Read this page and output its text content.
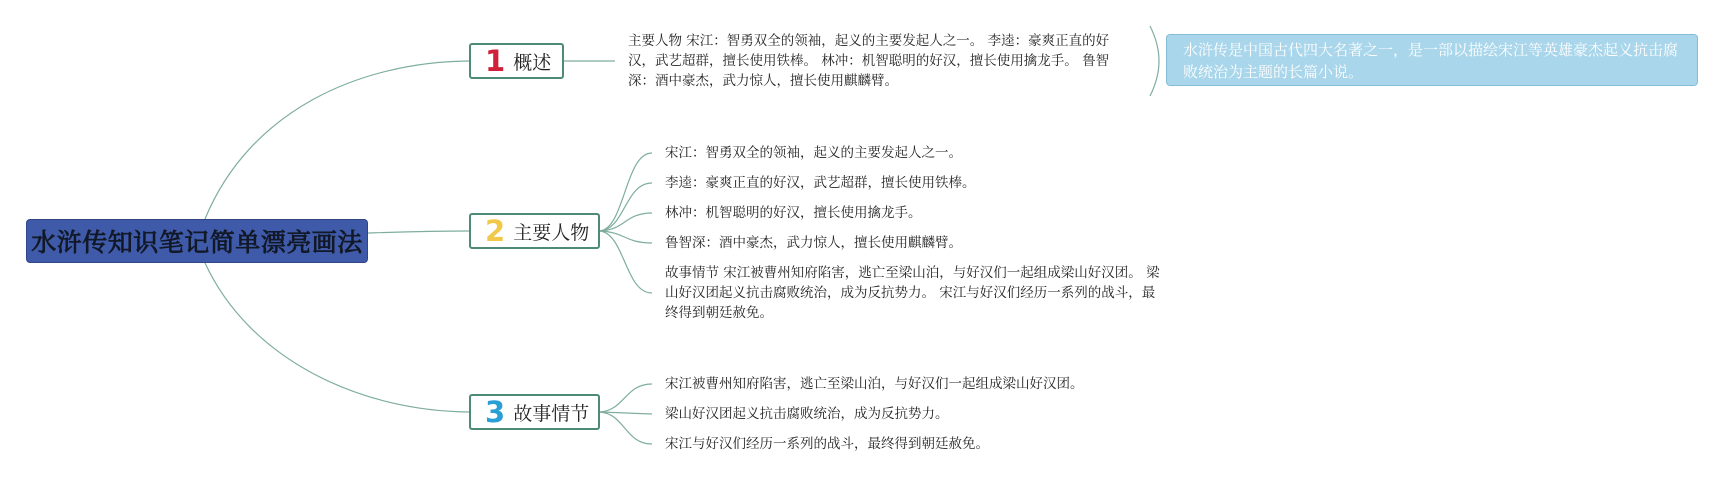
水浒传知识笔记简单漂亮画法
1 概述
主要人物 宋江：智勇双全的领袖，起义的主要发起人之一。 李逵：豪爽正直的好汉，武艺超群，擅长使用铁棒。 林冲：机智聪明的好汉，擅长使用擒龙手。 鲁智深：酒中豪杰，武力惊人，擅长使用麒麟臂。
水浒传是中国古代四大名著之一，是一部以描绘宋江等英雄豪杰起义抗击腐败统治为主题的长篇小说。
2 主要人物
宋江：智勇双全的领袖，起义的主要发起人之一。
李逵：豪爽正直的好汉，武艺超群，擅长使用铁棒。
林冲：机智聪明的好汉，擅长使用擒龙手。
鲁智深：酒中豪杰，武力惊人，擅长使用麒麟臂。
故事情节 宋江被曹州知府陷害，逃亡至梁山泊，与好汉们一起组成梁山好汉团。 梁山好汉团起义抗击腐败统治，成为反抗势力。 宋江与好汉们经历一系列的战斗，最终得到朝廷赦免。
3 故事情节
宋江被曹州知府陷害，逃亡至梁山泊，与好汉们一起组成梁山好汉团。
梁山好汉团起义抗击腐败统治，成为反抗势力。
宋江与好汉们经历一系列的战斗，最终得到朝廷赦免。
